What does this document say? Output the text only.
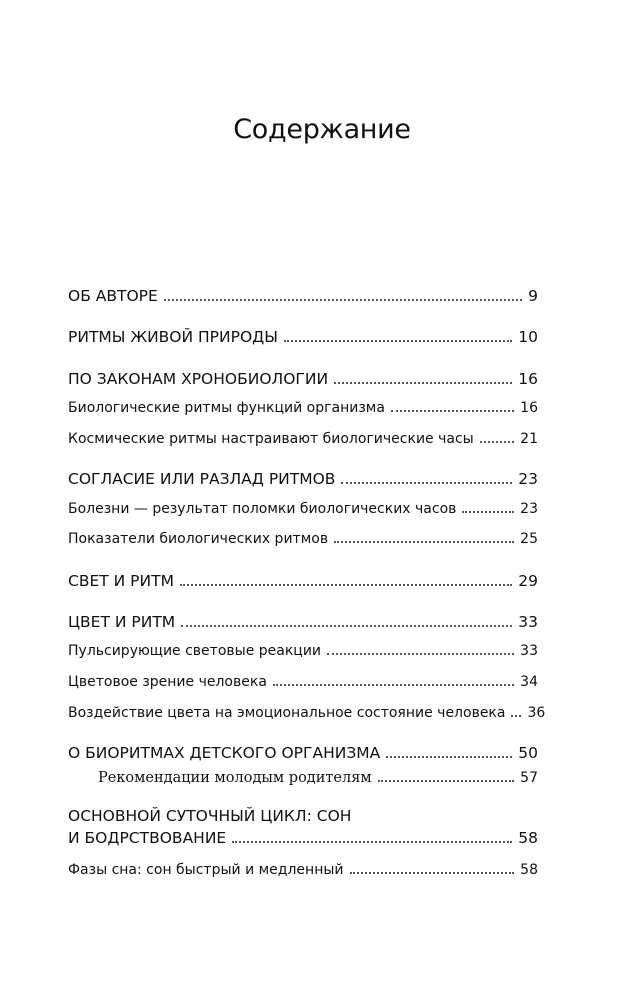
Содержание
ОБ АВТОРЕ	9
РИТМЫ ЖИВОЙ ПРИРОДЫ	10
ПО ЗАКОНАМ ХРОНОБИОЛОГИИ	16
Биологические ритмы функций организма	16
Космические ритмы настраивают биологические часы	21
СОГЛАСИЕ ИЛИ РАЗЛАД РИТМОВ	23
Болезни — результат поломки биологических часов	23
Показатели биологических ритмов	25
СВЕТ И РИТМ	29
ЦВЕТ И РИТМ	33
Пульсирующие световые реакции	33
Цветовое зрение человека	34
Воздействие цвета на эмоциональное состояние человека 36
О БИОРИТМАХ ДЕТСКОГО ОРГАНИЗМА	50
Рекомендации молодым родителям	57
ОСНОВНОЙ СУТОЧНЫЙ ЦИКЛ: СОН
И БОДРСТВОВАНИЕ	58
Фазы сна: сон быстрый и медленный	58
